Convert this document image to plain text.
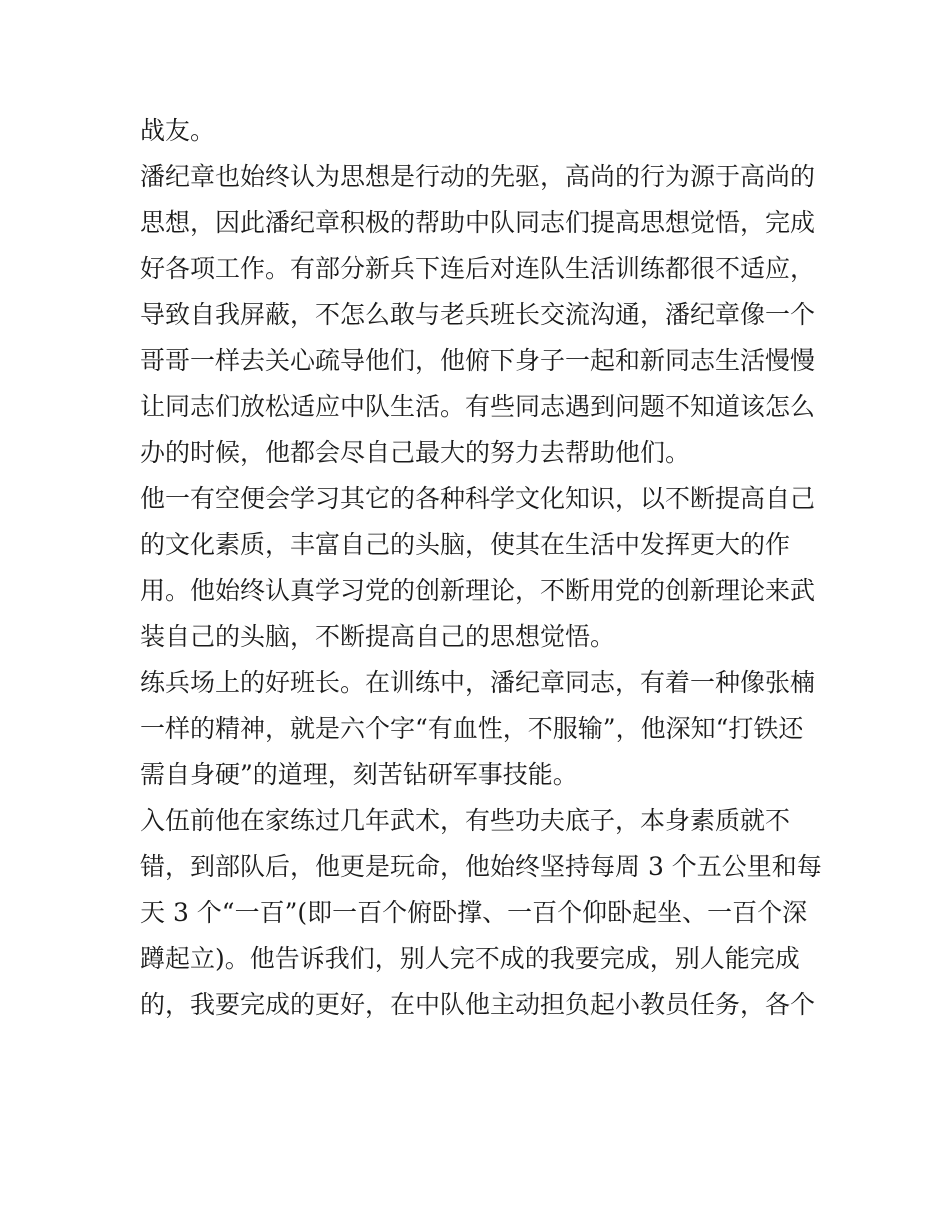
战友。
潘纪章也始终认为思想是行动的先驱，高尚的行为源于高尚的
思想，因此潘纪章积极的帮助中队同志们提高思想觉悟，完成
好各项工作。有部分新兵下连后对连队生活训练都很不适应，
导致自我屏蔽，不怎么敢与老兵班长交流沟通，潘纪章像一个
哥哥一样去关心疏导他们，他俯下身子一起和新同志生活慢慢
让同志们放松适应中队生活。有些同志遇到问题不知道该怎么
办的时候，他都会尽自己最大的努力去帮助他们。
他一有空便会学习其它的各种科学文化知识，以不断提高自己
的文化素质，丰富自己的头脑，使其在生活中发挥更大的作
用。他始终认真学习党的创新理论，不断用党的创新理论来武
装自己的头脑，不断提高自己的思想觉悟。
练兵场上的好班长。在训练中，潘纪章同志，有着一种像张楠
一样的精神，就是六个字“有血性，不服输”，他深知“打铁还
需自身硬”的道理，刻苦钻研军事技能。
入伍前他在家练过几年武术，有些功夫底子，本身素质就不
错，到部队后，他更是玩命，他始终坚持每周 3 个五公里和每
天 3 个“一百”(即一百个俯卧撑、一百个仰卧起坐、一百个深
蹲起立)。他告诉我们，别人完不成的我要完成，别人能完成
的，我要完成的更好，在中队他主动担负起小教员任务，各个
